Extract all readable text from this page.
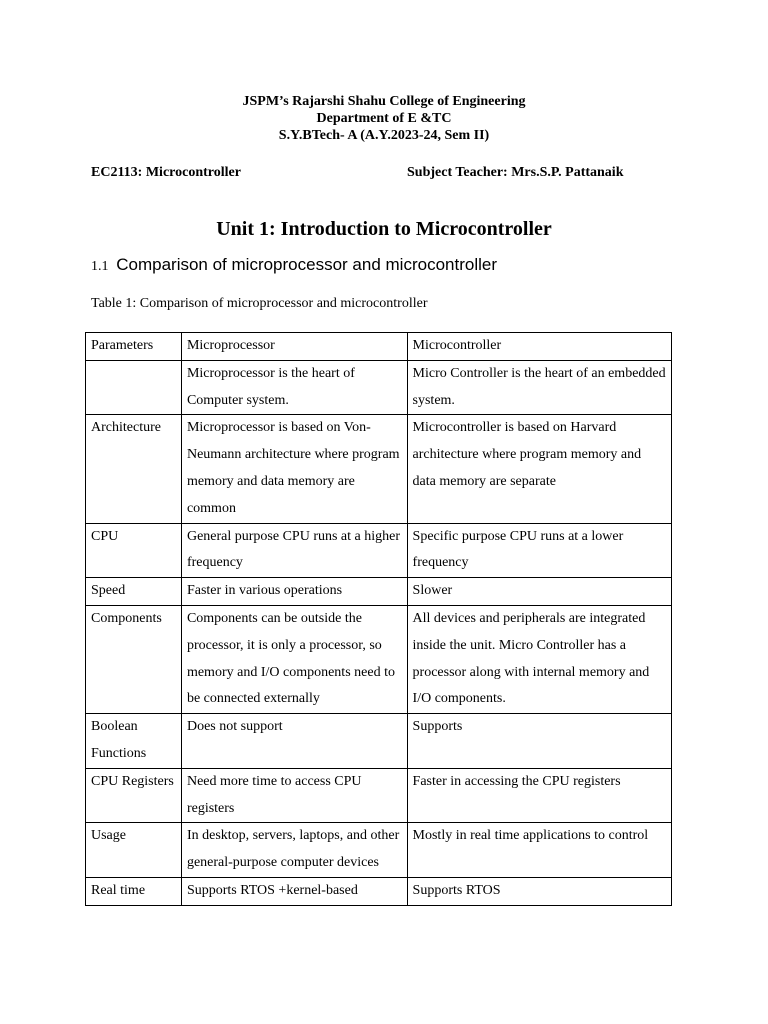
JSPM’s Rajarshi Shahu College of Engineering
Department of E &TC
S.Y.BTech- A (A.Y.2023-24, Sem II)
EC2113: Microcontroller	Subject Teacher: Mrs.S.P. Pattanaik
Unit 1: Introduction to Microcontroller
1.1 Comparison of microprocessor and microcontroller
Table 1: Comparison of microprocessor and microcontroller
Parameters	Microprocessor	Microcontroller
	Microprocessor is the heart of Computer system.	Micro Controller is the heart of an embedded system.
Architecture	Microprocessor is based on Von-Neumann architecture where program memory and data memory are common	Microcontroller is based on Harvard architecture where program memory and data memory are separate
CPU	General purpose CPU runs at a higher frequency	Specific purpose CPU runs at a lower frequency
Speed	Faster in various operations	Slower
Components	Components can be outside the processor, it is only a processor, so memory and I/O components need to be connected externally	All devices and peripherals are integrated inside the unit. Micro Controller has a processor along with internal memory and I/O components.
Boolean Functions	Does not support	Supports
CPU Registers	Need more time to access CPU registers	Faster in accessing the CPU registers
Usage	In desktop, servers, laptops, and other general-purpose computer devices	Mostly in real time applications to control
Real time	Supports RTOS +kernel-based	Supports RTOS
